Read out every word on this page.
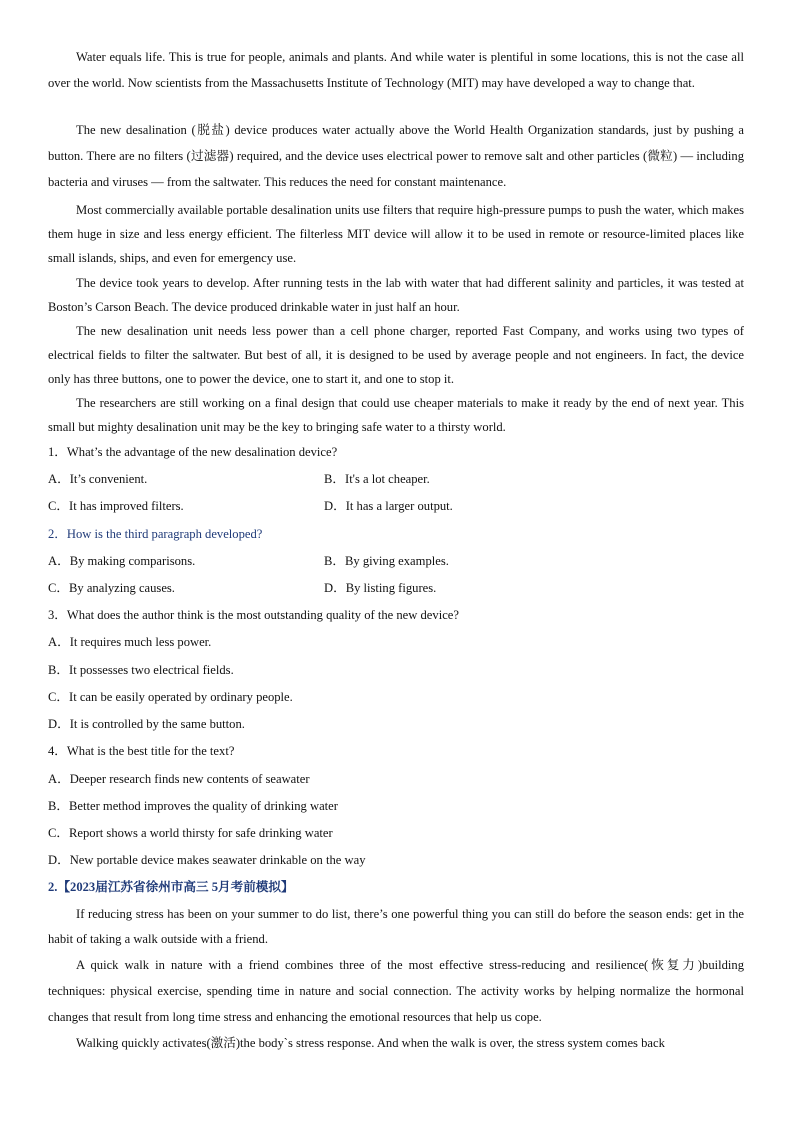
Water equals life. This is true for people, animals and plants. And while water is plentiful in some locations, this is not the case all over the world. Now scientists from the Massachusetts Institute of Technology (MIT) may have developed a way to change that.

The new desalination (脱盐) device produces water actually above the World Health Organization standards, just by pushing a button. There are no filters (过滤器) required, and the device uses electrical power to remove salt and other particles (微粒) — including bacteria and viruses — from the saltwater. This reduces the need for constant maintenance.

Most commercially available portable desalination units use filters that require high-pressure pumps to push the water, which makes them huge in size and less energy efficient. The filterless MIT device will allow it to be used in remote or resource-limited places like small islands, ships, and even for emergency use.

The device took years to develop. After running tests in the lab with water that had different salinity and particles, it was tested at Boston’s Carson Beach. The device produced drinkable water in just half an hour.

The new desalination unit needs less power than a cell phone charger, reported Fast Company, and works using two types of electrical fields to filter the saltwater. But best of all, it is designed to be used by average people and not engineers. In fact, the device only has three buttons, one to power the device, one to start it, and one to stop it.

The researchers are still working on a final design that could use cheaper materials to make it ready by the end of next year. This small but mighty desalination unit may be the key to bringing safe water to a thirsty world.

1．What’s the advantage of the new desalination device?
A．It’s convenient.	B．It's a lot cheaper.
C．It has improved filters.	D．It has a larger output.
2．How is the third paragraph developed?
A．By making comparisons.	B．By giving examples.
C．By analyzing causes.	D．By listing figures.
3．What does the author think is the most outstanding quality of the new device?
A．It requires much less power.
B．It possesses two electrical fields.
C．It can be easily operated by ordinary people.
D．It is controlled by the same button.
4．What is the best title for the text?
A．Deeper research finds new contents of seawater
B．Better method improves the quality of drinking water
C．Report shows a world thirsty for safe drinking water
D．New portable device makes seawater drinkable on the way
2.【2023届江苏省徐州市高三 5月考前模拟】

If reducing stress has been on your summer to do list, there’s one powerful thing you can still do before the season ends: get in the habit of taking a walk outside with a friend.

A quick walk in nature with a friend combines three of the most effective stress-reducing and resilience(恢复力)building techniques: physical exercise, spending time in nature and social connection. The activity works by helping normalize the hormonal changes that result from long time stress and enhancing the emotional resources that help us cope.

Walking quickly activates(激活)the body`s stress response. And when the walk is over, the stress system comes back
